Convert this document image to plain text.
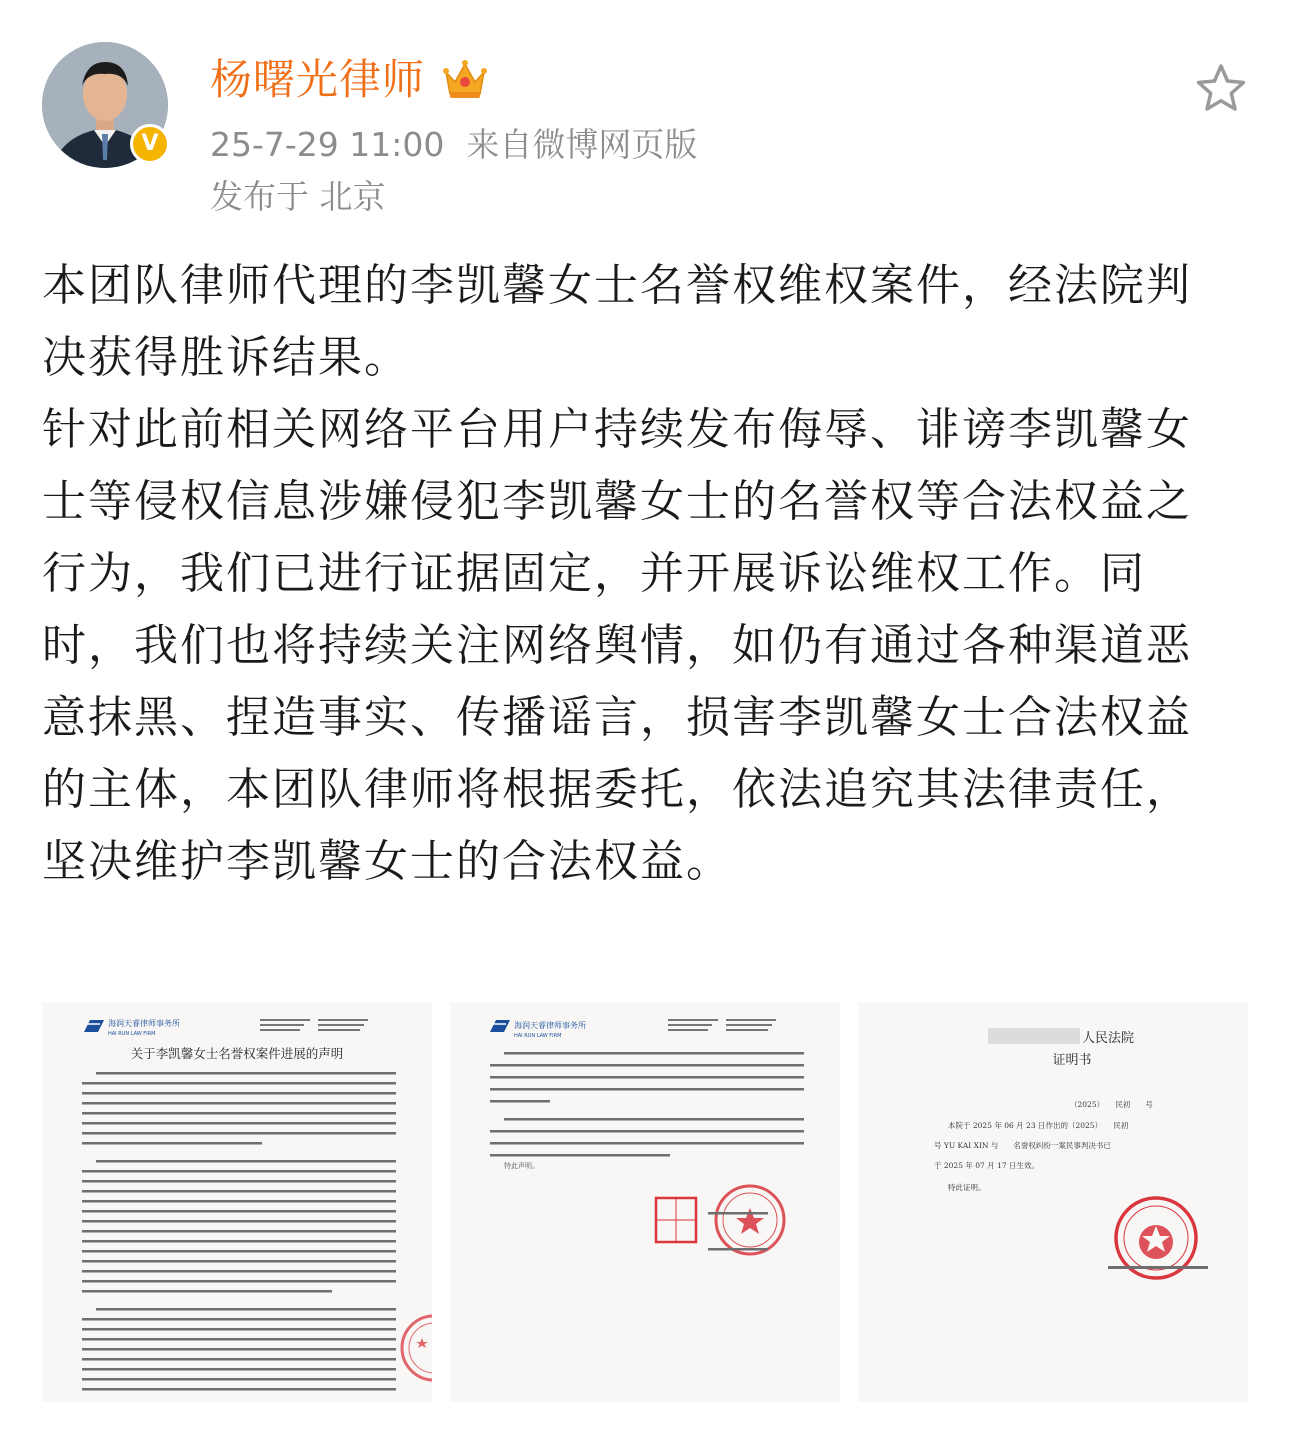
V
杨曙光律师
25-7-29 11:00 来自微博网页版
发布于 北京

本团队律师代理的李凯馨女士名誉权维权案件，经法院判决获得胜诉结果。

针对此前相关网络平台用户持续发布侮辱、诽谤李凯馨女士等侵权信息涉嫌侵犯李凯馨女士的名誉权等合法权益之行为，我们已进行证据固定，并开展诉讼维权工作。同时，我们也将持续关注网络舆情，如仍有通过各种渠道恶意抹黑、捏造事实、传播谣言，损害李凯馨女士合法权益的主体，本团队律师将根据委托，依法追究其法律责任，坚决维护李凯馨女士的合法权益。

海润天睿律师事务所
HAI RUN LAW FIRM
关于李凯馨女士名誉权案件进展的声明
海润天睿律师事务所
HAI RUN LAW FIRM
特此声明。
人民法院
证明书
（2025）　　民初　　号
本院于 2025 年 06 月 23 日作出的（2025）　　民初
号 YU KAI XIN 与　　名誉权纠纷一案民事判决书已
于 2025 年 07 月 17 日生效。
特此证明。
